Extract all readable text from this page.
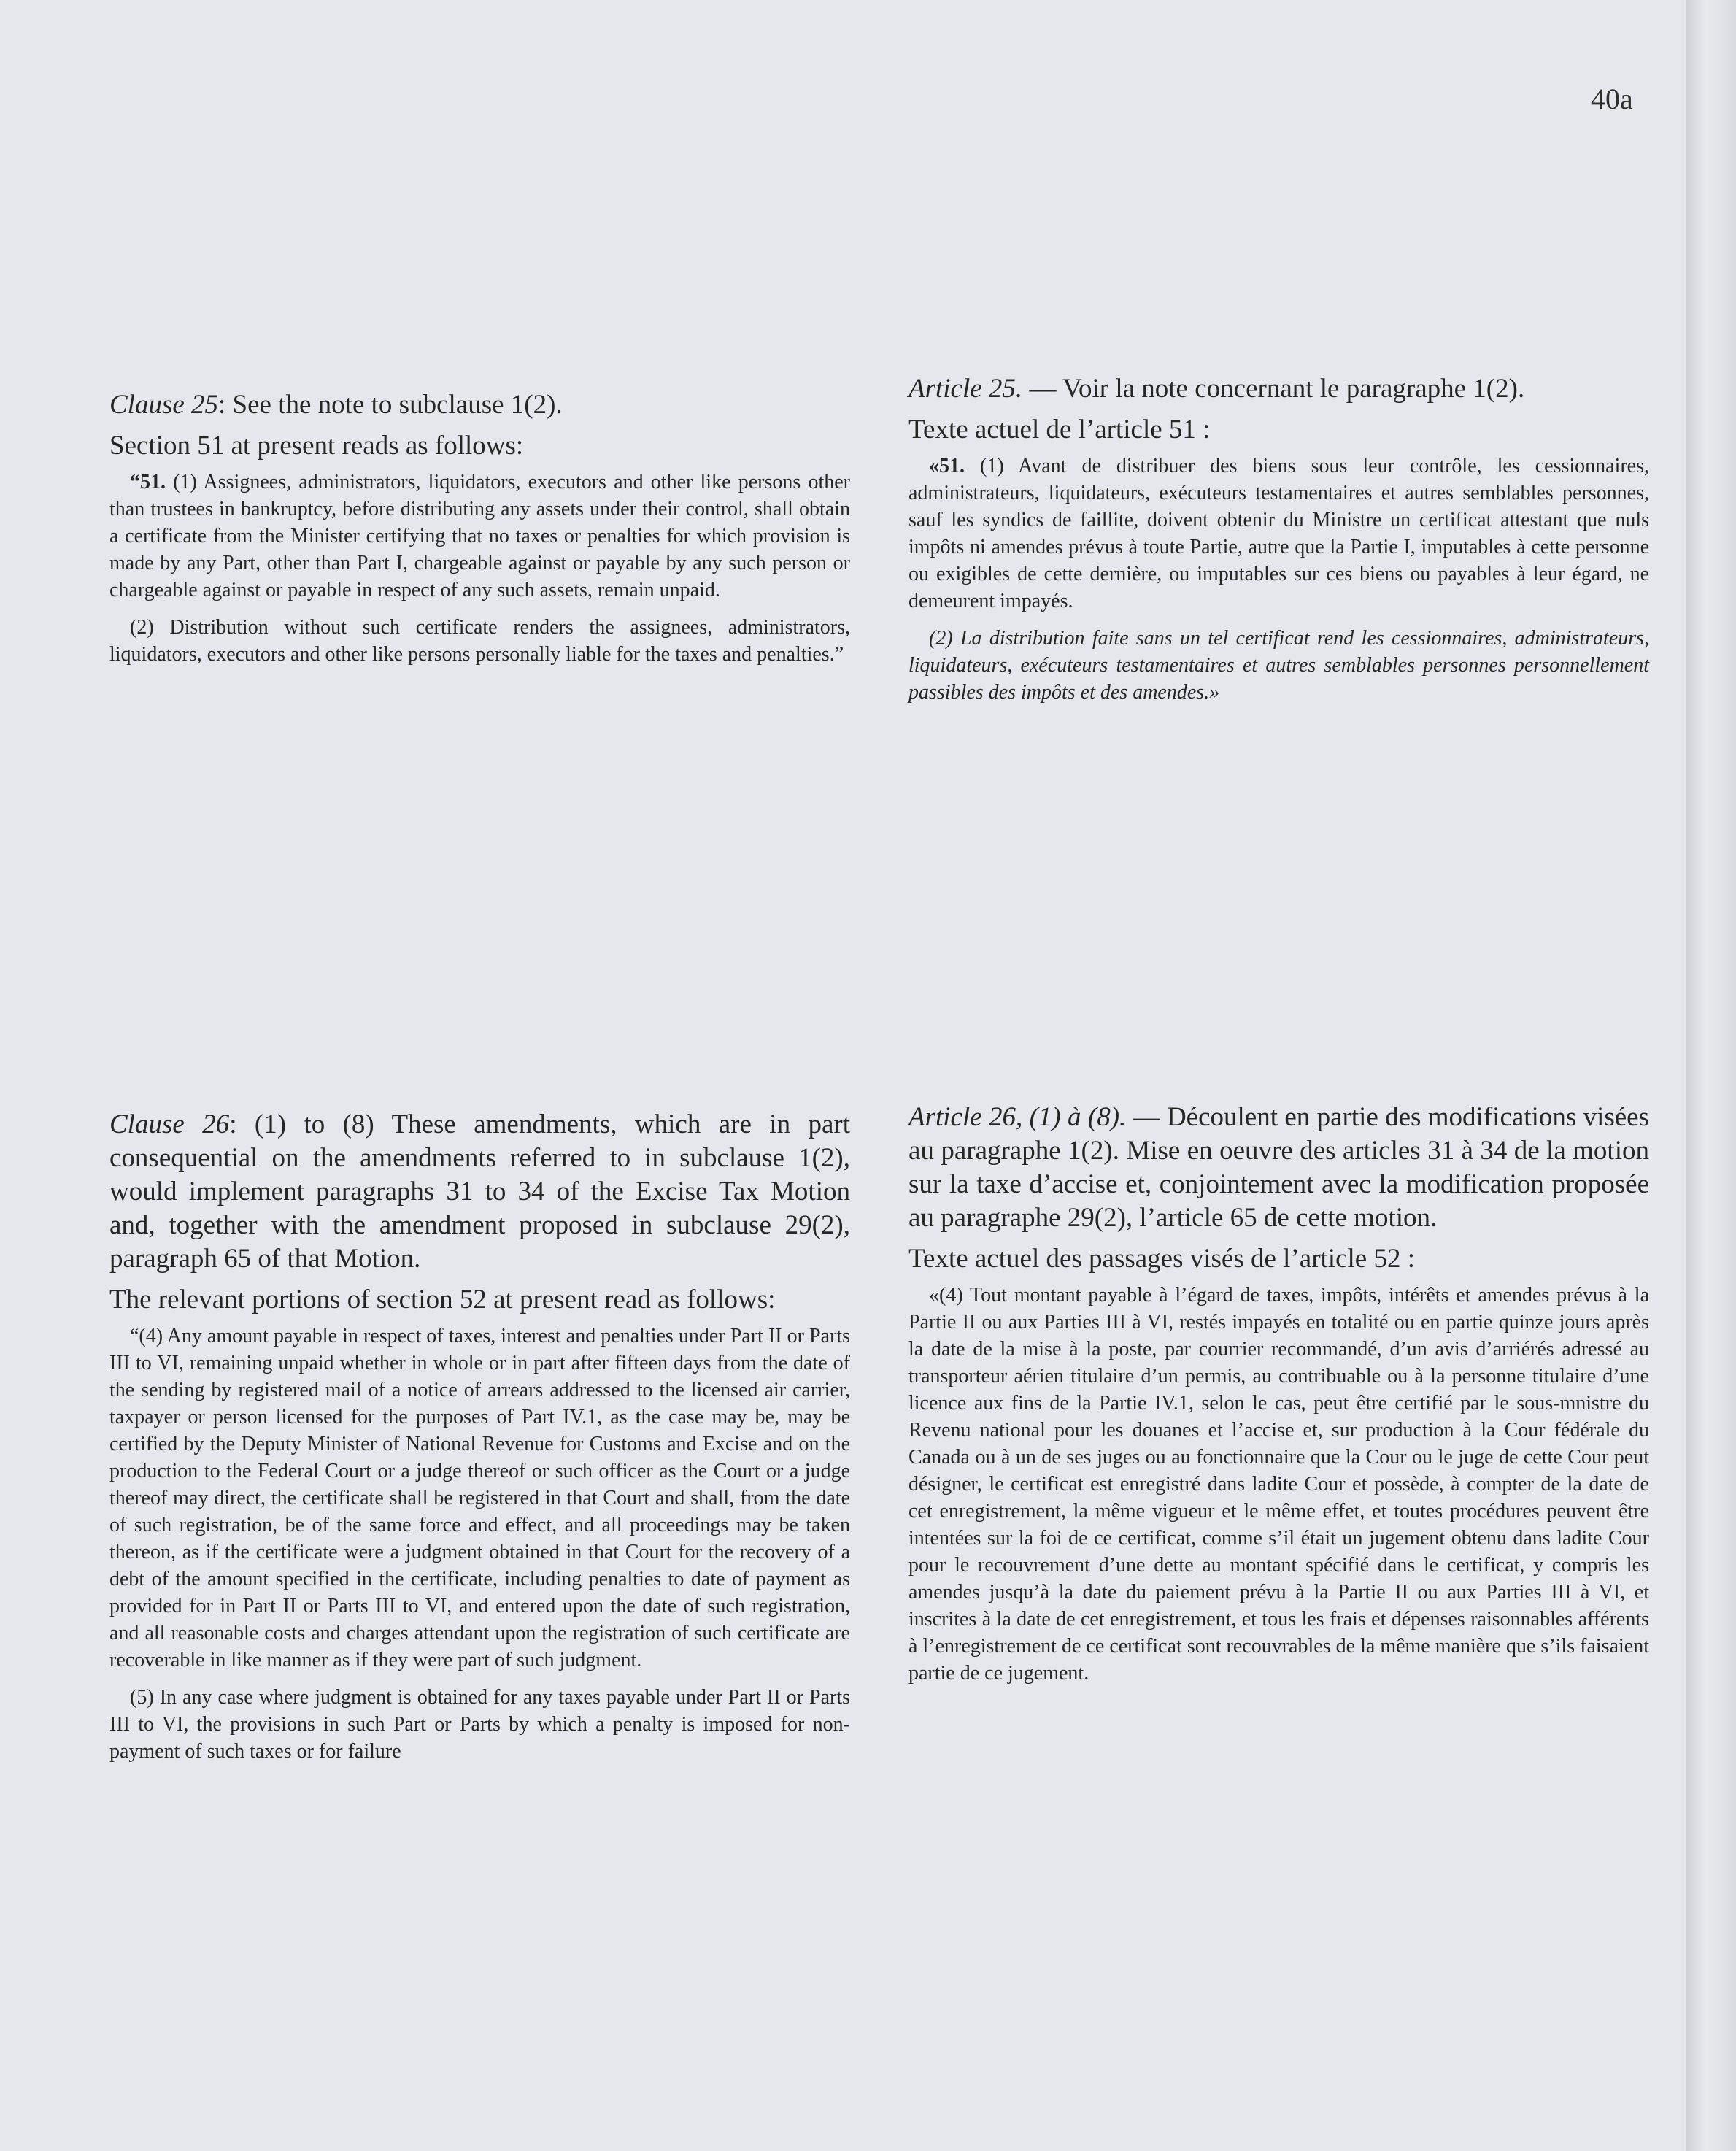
40a

Clause 25: See the note to subclause 1(2).

Section 51 at present reads as follows:

“51. (1) Assignees, administrators, liquidators, executors and other like persons other than trustees in bankruptcy, before distributing any assets under their control, shall obtain a certificate from the Minister certifying that no taxes or penalties for which provision is made by any Part, other than Part I, chargeable against or payable by any such person or chargeable against or payable in respect of any such assets, remain unpaid.

(2) Distribution without such certificate renders the assignees, administrators, liquidators, executors and other like persons personally liable for the taxes and penalties.”

Clause 26: (1) to (8) These amendments, which are in part consequential on the amendments referred to in subclause 1(2), would implement paragraphs 31 to 34 of the Excise Tax Motion and, together with the amendment proposed in subclause 29(2), paragraph 65 of that Motion.

The relevant portions of section 52 at present read as follows:

“(4) Any amount payable in respect of taxes, interest and penalties under Part II or Parts III to VI, remaining unpaid whether in whole or in part after fifteen days from the date of the sending by registered mail of a notice of arrears addressed to the licensed air carrier, taxpayer or person licensed for the purposes of Part IV.1, as the case may be, may be certified by the Deputy Minister of National Revenue for Customs and Excise and on the production to the Federal Court or a judge thereof or such officer as the Court or a judge thereof may direct, the certificate shall be registered in that Court and shall, from the date of such registration, be of the same force and effect, and all proceedings may be taken thereon, as if the certificate were a judgment obtained in that Court for the recovery of a debt of the amount specified in the certificate, including penalties to date of payment as provided for in Part II or Parts III to VI, and entered upon the date of such registration, and all reasonable costs and charges attendant upon the registration of such certificate are recoverable in like manner as if they were part of such judgment.

(5) In any case where judgment is obtained for any taxes payable under Part II or Parts III to VI, the provisions in such Part or Parts by which a penalty is imposed for non-payment of such taxes or for failure

Article 25. — Voir la note concernant le paragraphe 1(2).

Texte actuel de l’article 51 :

«51. (1) Avant de distribuer des biens sous leur contrôle, les cessionnaires, administrateurs, liquidateurs, exécuteurs testamentaires et autres semblables personnes, sauf les syndics de faillite, doivent obtenir du Ministre un certificat attestant que nuls impôts ni amendes prévus à toute Partie, autre que la Partie I, imputables à cette personne ou exigibles de cette dernière, ou imputables sur ces biens ou payables à leur égard, ne demeurent impayés.

(2) La distribution faite sans un tel certificat rend les cessionnaires, administrateurs, liquidateurs, exécuteurs testamentaires et autres semblables personnes personnellement passibles des impôts et des amendes.»

Article 26, (1) à (8). — Découlent en partie des modifications visées au paragraphe 1(2). Mise en oeuvre des articles 31 à 34 de la motion sur la taxe d’accise et, conjointement avec la modification proposée au paragraphe 29(2), l’article 65 de cette motion.

Texte actuel des passages visés de l’article 52 :

«(4) Tout montant payable à l’égard de taxes, impôts, intérêts et amendes prévus à la Partie II ou aux Parties III à VI, restés impayés en totalité ou en partie quinze jours après la date de la mise à la poste, par courrier recommandé, d’un avis d’arriérés adressé au transporteur aérien titulaire d’un permis, au contribuable ou à la personne titulaire d’une licence aux fins de la Partie IV.1, selon le cas, peut être certifié par le sous-mnistre du Revenu national pour les douanes et l’accise et, sur production à la Cour fédérale du Canada ou à un de ses juges ou au fonctionnaire que la Cour ou le juge de cette Cour peut désigner, le certificat est enregistré dans ladite Cour et possède, à compter de la date de cet enregistrement, la même vigueur et le même effet, et toutes procédures peuvent être intentées sur la foi de ce certificat, comme s’il était un jugement obtenu dans ladite Cour pour le recouvrement d’une dette au montant spécifié dans le certificat, y compris les amendes jusqu’à la date du paiement prévu à la Partie II ou aux Parties III à VI, et inscrites à la date de cet enregistrement, et tous les frais et dépenses raisonnables afférents à l’enregistrement de ce certificat sont recouvrables de la même manière que s’ils faisaient partie de ce jugement.
